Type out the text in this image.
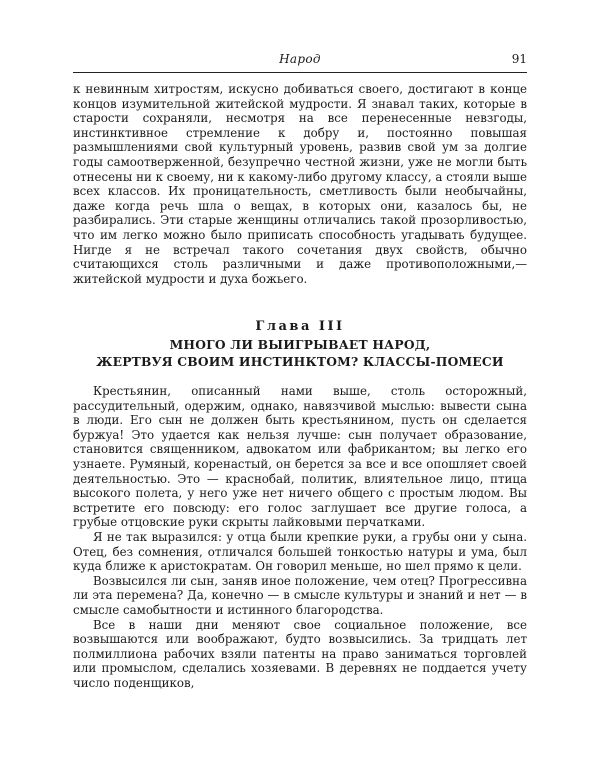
Народ	91

к невинным хитростям, искусно добиваться своего, достигают в конце концов изумительной житейской мудрости. Я знавал таких, которые в старости сохраняли, несмотря на все перенесенные невзгоды, инстинктивное стремление к добру и, постоянно повышая размышлениями свой культурный уровень, развив свой ум за долгие годы самоотверженной, безупречно честной жизни, уже не могли быть отнесены ни к своему, ни к какому-либо другому классу, а стояли выше всех классов. Их проницательность, сметливость были необычайны, даже когда речь шла о вещах, в которых они, казалось бы, не разбирались. Эти старые женщины отличались такой прозорливостью, что им легко можно было приписать способность угадывать будущее. Нигде я не встречал такого сочетания двух свойств, обычно считающихся столь различными и даже противоположными,— житейской мудрости и духа божьего.

Глава III
МНОГО ЛИ ВЫИГРЫВАЕТ НАРОД,
ЖЕРТВУЯ СВОИМ ИНСТИНКТОМ? КЛАССЫ-ПОМЕСИ

Крестьянин, описанный нами выше, столь осторожный, рассудительный, одержим, однако, навязчивой мыслью: вывести сына в люди. Его сын не должен быть крестьянином, пусть он сделается буржуа! Это удается как нельзя лучше: сын получает образование, становится священником, адвокатом или фабрикантом; вы легко его узнаете. Румяный, коренастый, он берется за все и все опошляет своей деятельностью. Это — краснобай, политик, влиятельное лицо, птица высокого полета, у него уже нет ничего общего с простым людом. Вы встретите его повсюду: его голос заглушает все другие голоса, а грубые отцовские руки скрыты лайковыми перчатками.

Я не так выразился: у отца были крепкие руки, а грубы они у сына. Отец, без сомнения, отличался большей тонкостью натуры и ума, был куда ближе к аристократам. Он говорил меньше, но шел прямо к цели.

Возвысился ли сын, заняв иное положение, чем отец? Прогрессивна ли эта перемена? Да, конечно — в смысле культуры и знаний и нет — в смысле самобытности и истинного благородства.

Все в наши дни меняют свое социальное положение, все возвышаются или воображают, будто возвысились. За тридцать лет полмиллиона рабочих взяли патенты на право заниматься торговлей или промыслом, сделались хозяевами. В деревнях не поддается учету число поденщиков,
